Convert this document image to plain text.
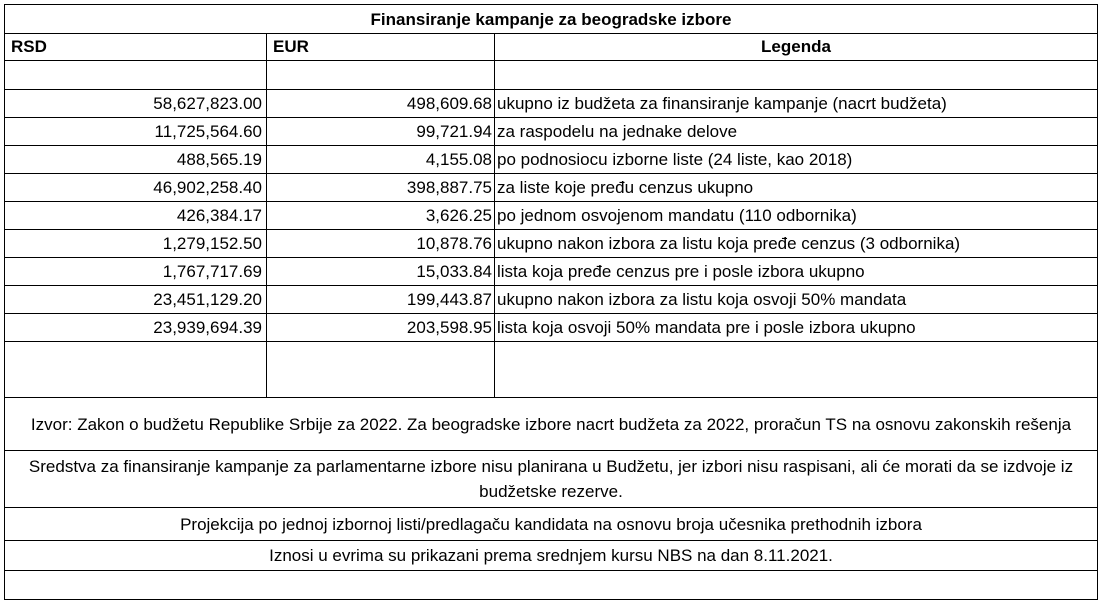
Finansiranje kampanje za beogradske izbore
RSD	EUR	Legenda
58,627,823.00	498,609.68 ukupno iz budžeta za finansiranje kampanje (nacrt budžeta)
11,725,564.60	99,721.94 za raspodelu na jednake delove
488,565.19	4,155.08 po podnosiocu izborne liste (24 liste, kao 2018)
46,902,258.40	398,887.75 za liste koje pređu cenzus ukupno
426,384.17	3,626.25 po jednom osvojenom mandatu (110 odbornika)
1,279,152.50	10,878.76 ukupno nakon izbora za listu koja pređe cenzus (3 odbornika)
1,767,717.69	15,033.84 lista koja pređe cenzus pre i posle izbora ukupno
23,451,129.20	199,443.87 ukupno nakon izbora za listu koja osvoji 50% mandata
23,939,694.39	203,598.95 lista koja osvoji 50% mandata pre i posle izbora ukupno
Izvor: Zakon o budžetu Republike Srbije za 2022. Za beogradske izbore nacrt budžeta za 2022, proračun TS na osnovu zakonskih rešenja
Sredstva za finansiranje kampanje za parlamentarne izbore nisu planirana u Budžetu, jer izbori nisu raspisani, ali će morati da se izdvoje iz budžetske rezerve.
Projekcija po jednoj izbornoj listi/predlagaču kandidata na osnovu broja učesnika prethodnih izbora
Iznosi u evrima su prikazani prema srednjem kursu NBS na dan 8.11.2021.
